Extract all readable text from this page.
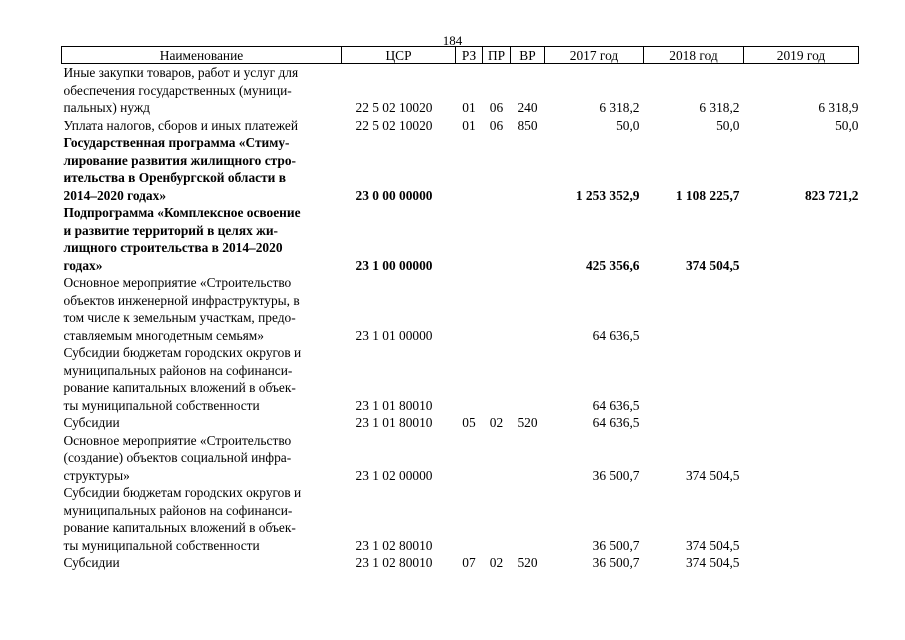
184
Наименование	ЦСР	РЗ	ПР	ВР	2017 год	2018 год	2019 год

Иные закупки товаров, работ и услуг для
обеспечения государственных (муници-
пальных) нужд	22 5 02 10020	01	06	240	6 318,2	6 318,2	6 318,9

Уплата налогов, сборов и иных платежей	22 5 02 10020	01	06	850	50,0	50,0	50,0

Государственная программа «Стиму-
лирование развития жилищного стро-
ительства в Оренбургской области в
2014–2020 годах»	23 0 00 00000				1 253 352,9	1 108 225,7	823 721,2

Подпрограмма «Комплексное освоение
и развитие территорий в целях жи-
лищного строительства в 2014–2020
годах»	23 1 00 00000				425 356,6	374 504,5	

Основное мероприятие «Строительство
объектов инженерной инфраструктуры, в
том числе к земельным участкам, предо-
ставляемым многодетным семьям»	23 1 01 00000				64 636,5		

Субсидии бюджетам городских округов и
муниципальных районов на софинанси-
рование капитальных вложений в объек-
ты муниципальной собственности	23 1 01 80010				64 636,5		

Субсидии	23 1 01 80010	05	02	520	64 636,5		

Основное мероприятие «Строительство
(создание) объектов социальной инфра-
структуры»	23 1 02 00000				36 500,7	374 504,5	

Субсидии бюджетам городских округов и
муниципальных районов на софинанси-
рование капитальных вложений в объек-
ты муниципальной собственности	23 1 02 80010				36 500,7	374 504,5	

Субсидии	23 1 02 80010	07	02	520	36 500,7	374 504,5	
